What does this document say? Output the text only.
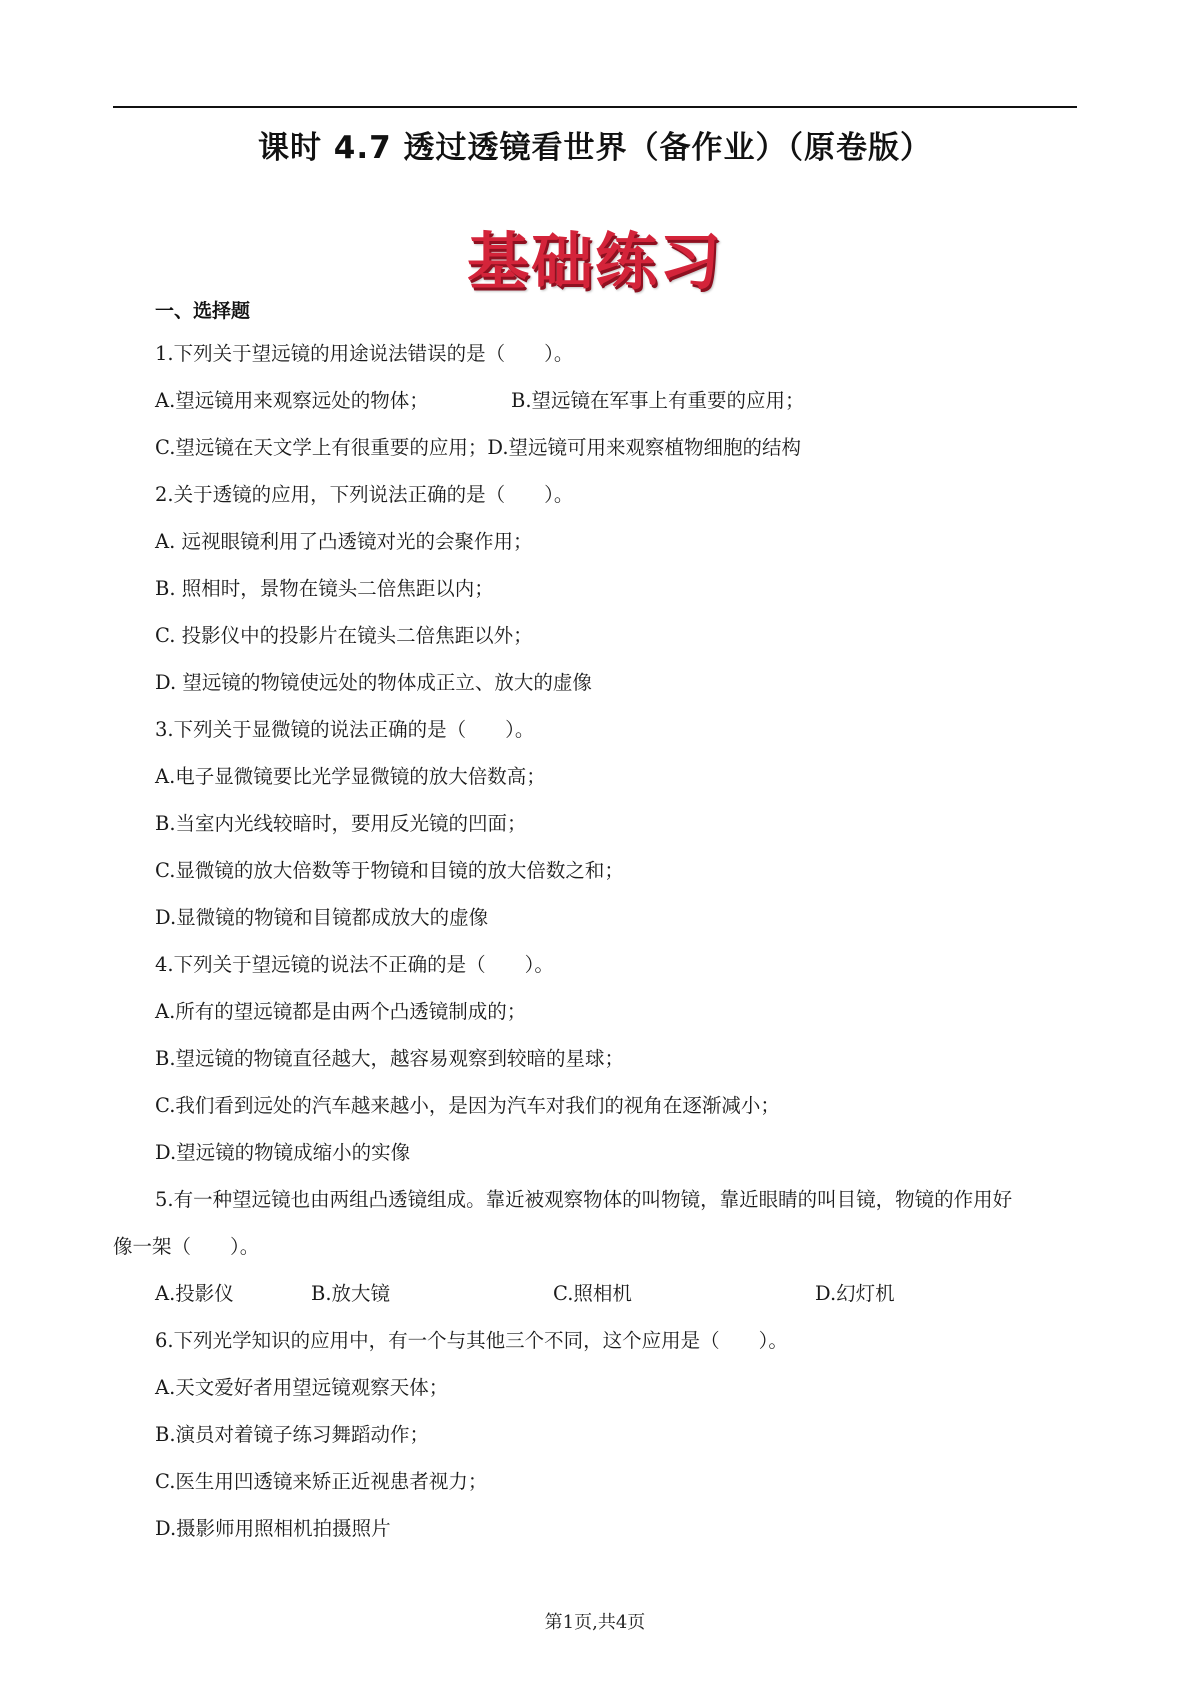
课时 4.7 透过透镜看世界（备作业）（原卷版）
基础练习
一、选择题
1.下列关于望远镜的用途说法错误的是（　　）。
A.望远镜用来观察远处的物体；	B.望远镜在军事上有重要的应用；
C.望远镜在天文学上有很重要的应用；D.望远镜可用来观察植物细胞的结构
2.关于透镜的应用，下列说法正确的是（　　）。
A. 远视眼镜利用了凸透镜对光的会聚作用；
B. 照相时，景物在镜头二倍焦距以内；
C. 投影仪中的投影片在镜头二倍焦距以外；
D. 望远镜的物镜使远处的物体成正立、放大的虚像
3.下列关于显微镜的说法正确的是（　　）。
A.电子显微镜要比光学显微镜的放大倍数高；
B.当室内光线较暗时，要用反光镜的凹面；
C.显微镜的放大倍数等于物镜和目镜的放大倍数之和；
D.显微镜的物镜和目镜都成放大的虚像
4.下列关于望远镜的说法不正确的是（　　）。
A.所有的望远镜都是由两个凸透镜制成的；
B.望远镜的物镜直径越大，越容易观察到较暗的星球；
C.我们看到远处的汽车越来越小，是因为汽车对我们的视角在逐渐减小；
D.望远镜的物镜成缩小的实像
5.有一种望远镜也由两组凸透镜组成。靠近被观察物体的叫物镜，靠近眼睛的叫目镜，物镜的作用好
像一架（　　）。
A.投影仪	B.放大镜	C.照相机	D.幻灯机
6.下列光学知识的应用中，有一个与其他三个不同，这个应用是（　　）。
A.天文爱好者用望远镜观察天体；
B.演员对着镜子练习舞蹈动作；
C.医生用凹透镜来矫正近视患者视力；
D.摄影师用照相机拍摄照片
第1页,共4页
